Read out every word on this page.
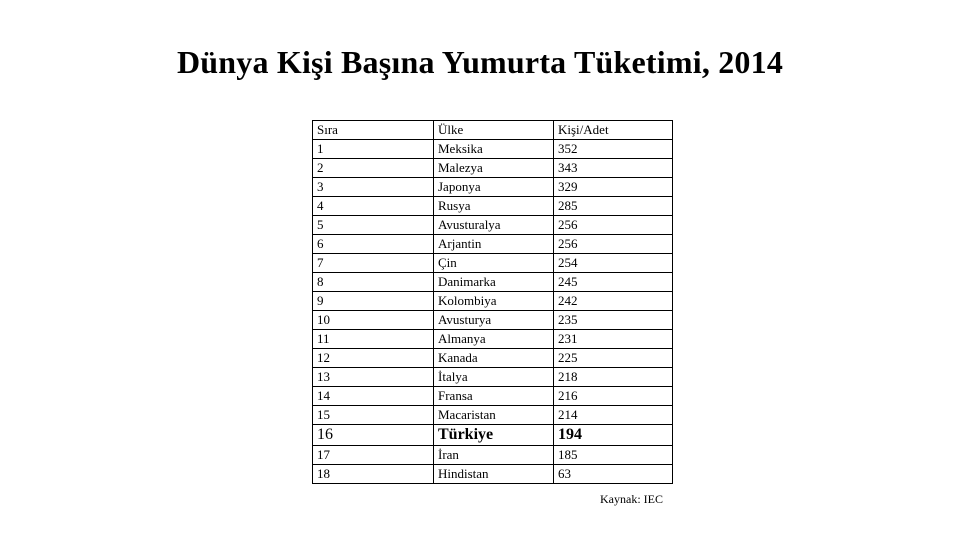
Dünya Kişi Başına Yumurta Tüketimi, 2014
Sıra	Ülke	Kişi/Adet
1	Meksika	352
2	Malezya	343
3	Japonya	329
4	Rusya	285
5	Avusturalya	256
6	Arjantin	256
7	Çin	254
8	Danimarka	245
9	Kolombiya	242
10	Avusturya	235
11	Almanya	231
12	Kanada	225
13	İtalya	218
14	Fransa	216
15	Macaristan	214
16	Türkiye	194
17	İran	185
18	Hindistan	63
Kaynak: IEC
